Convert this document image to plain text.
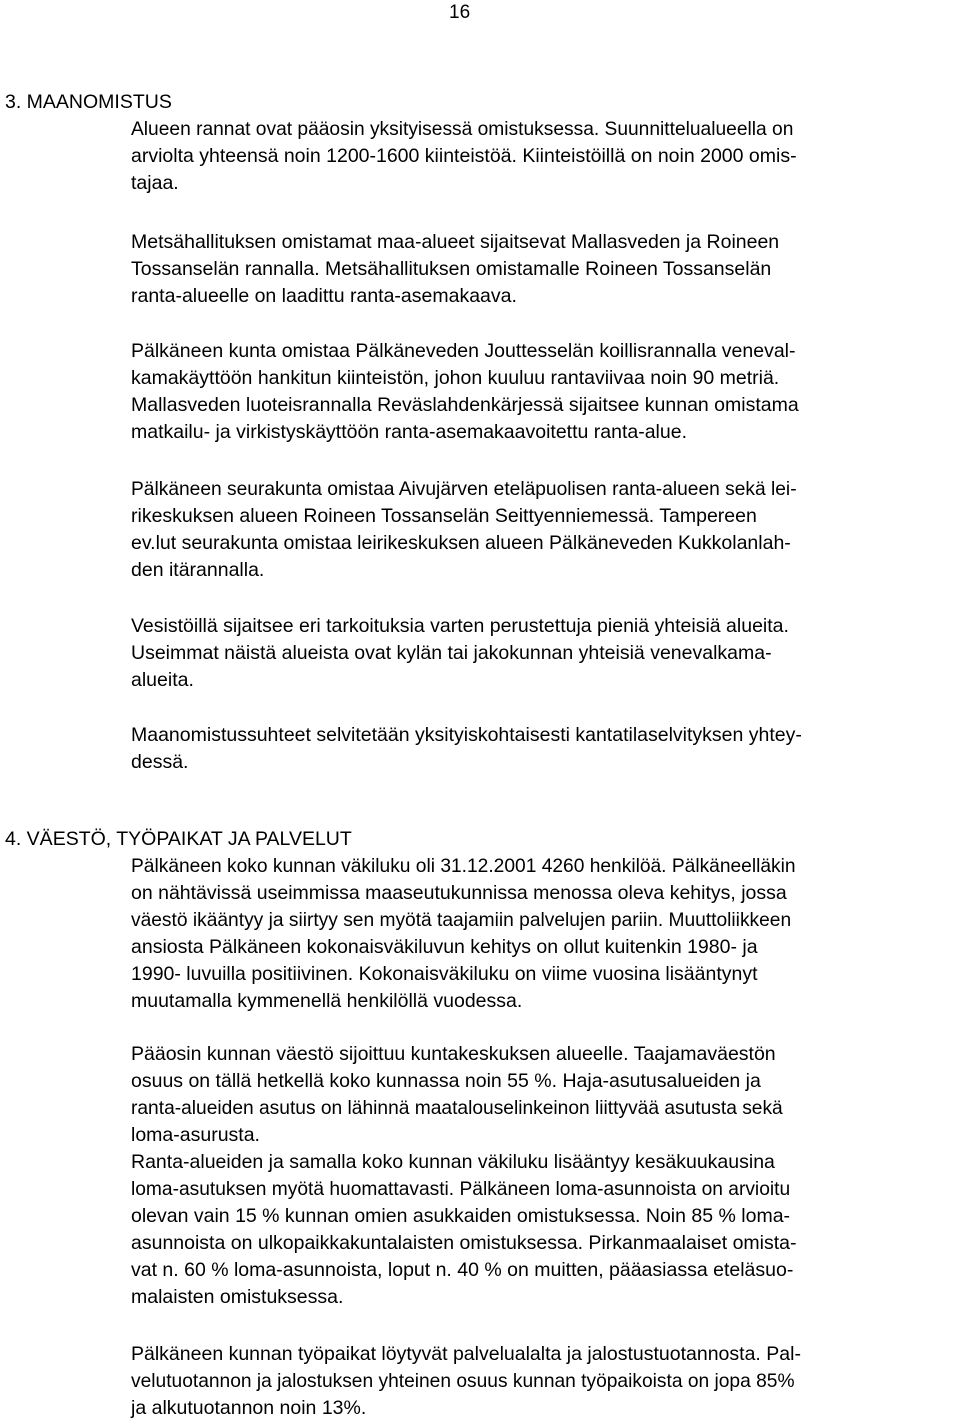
16
3. MAANOMISTUS
Alueen rannat ovat pääosin yksityisessä omistuksessa. Suunnittelualueella on
arviolta yhteensä noin 1200-1600 kiinteistöä. Kiinteistöillä on noin 2000 omis-
tajaa.
Metsähallituksen omistamat maa-alueet sijaitsevat Mallasveden ja Roineen
Tossanselän rannalla. Metsähallituksen omistamalle Roineen Tossanselän
ranta-alueelle on laadittu ranta-asemakaava.
Pälkäneen kunta omistaa Pälkäneveden Jouttesselän koillisrannalla veneval-
kamakäyttöön hankitun kiinteistön, johon kuuluu rantaviivaa noin 90 metriä.
Mallasveden luoteisrannalla Reväslahdenkärjessä sijaitsee kunnan omistama
matkailu- ja virkistyskäyttöön ranta-asemakaavoitettu ranta-alue.
Pälkäneen seurakunta omistaa Aivujärven eteläpuolisen ranta-alueen sekä lei-
rikeskuksen alueen Roineen Tossanselän Seittyenniemessä. Tampereen
ev.lut seurakunta omistaa leirikeskuksen alueen Pälkäneveden Kukkolanlah-
den itärannalla.
Vesistöillä sijaitsee eri tarkoituksia varten perustettuja pieniä yhteisiä alueita.
Useimmat näistä alueista ovat kylän tai jakokunnan yhteisiä venevalkama-
alueita.
Maanomistussuhteet selvitetään yksityiskohtaisesti kantatilaselvityksen yhtey-
dessä.
4. VÄESTÖ, TYÖPAIKAT JA PALVELUT
Pälkäneen koko kunnan väkiluku oli 31.12.2001 4260 henkilöä. Pälkäneelläkin
on nähtävissä useimmissa maaseutukunnissa menossa oleva kehitys, jossa
väestö ikääntyy ja siirtyy sen myötä taajamiin palvelujen pariin. Muuttoliikkeen
ansiosta Pälkäneen kokonaisväkiluvun kehitys on ollut kuitenkin 1980- ja
1990- luvuilla positiivinen. Kokonaisväkiluku on viime vuosina lisääntynyt
muutamalla kymmenellä henkilöllä vuodessa.
Pääosin kunnan väestö sijoittuu kuntakeskuksen alueelle. Taajamaväestön
osuus on tällä hetkellä koko kunnassa noin 55 %. Haja-asutusalueiden ja
ranta-alueiden asutus on lähinnä maatalouselinkeinon liittyvää asutusta sekä
loma-asurusta.
Ranta-alueiden ja samalla koko kunnan väkiluku lisääntyy kesäkuukausina
loma-asutuksen myötä huomattavasti. Pälkäneen loma-asunnoista on arvioitu
olevan vain 15 % kunnan omien asukkaiden omistuksessa. Noin 85 % loma-
asunnoista on ulkopaikkakuntalaisten omistuksessa. Pirkanmaalaiset omista-
vat n. 60 % loma-asunnoista, loput n. 40 % on muitten, pääasiassa eteläsuo-
malaisten omistuksessa.
Pälkäneen kunnan työpaikat löytyvät palvelualalta ja jalostustuotannosta. Pal-
velutuotannon ja jalostuksen yhteinen osuus kunnan työpaikoista on jopa 85%
ja alkutuotannon noin 13%.
